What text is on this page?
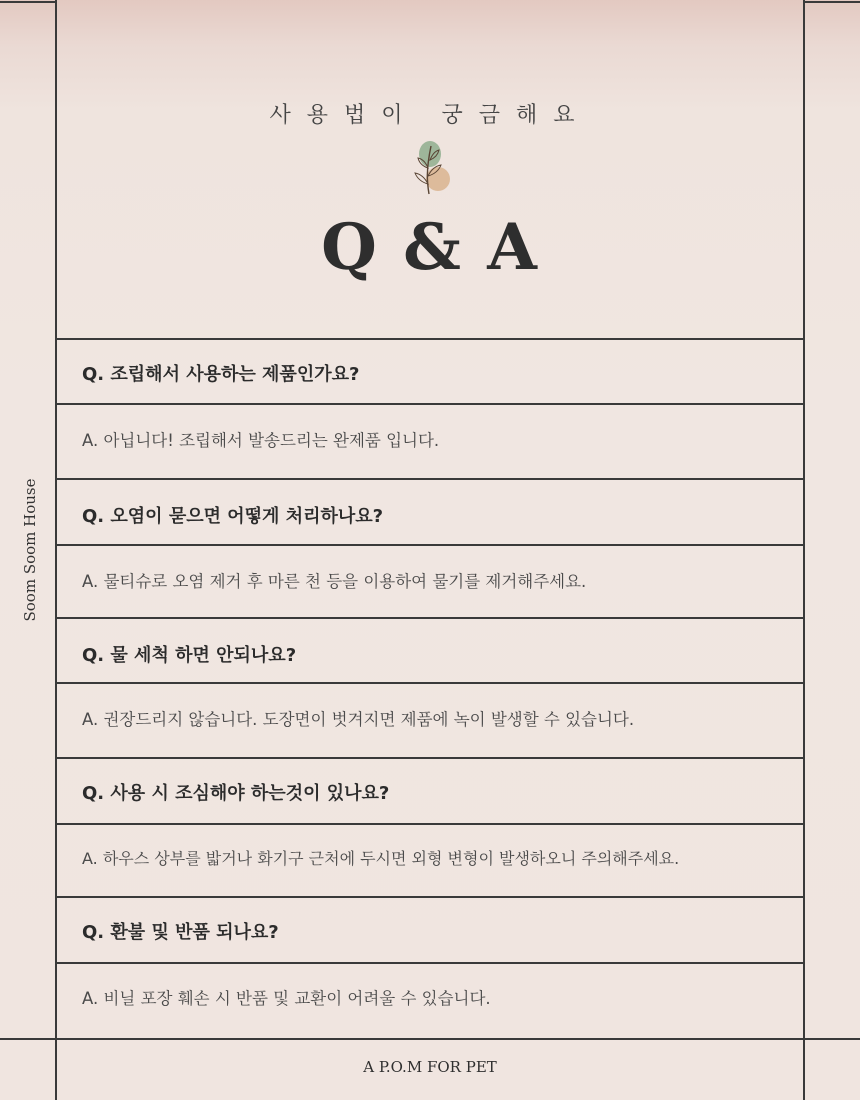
Soom Soom House
사용법이 궁금해요
Q & A
Q. 조립해서 사용하는 제품인가요?
A. 아닙니다! 조립해서 발송드리는 완제품 입니다.
Q. 오염이 묻으면 어떻게 처리하나요?
A. 물티슈로 오염 제거 후 마른 천 등을 이용하여 물기를 제거해주세요.
Q. 물 세척 하면 안되나요?
A. 권장드리지 않습니다. 도장면이 벗겨지면 제품에 녹이 발생할 수 있습니다.
Q. 사용 시 조심해야 하는것이 있나요?
A. 하우스 상부를 밟거나 화기구 근처에 두시면 외형 변형이 발생하오니 주의해주세요.
Q. 환불 및 반품 되나요?
A. 비닐 포장 훼손 시 반품 및 교환이 어려울 수 있습니다.
A P.O.M FOR PET
